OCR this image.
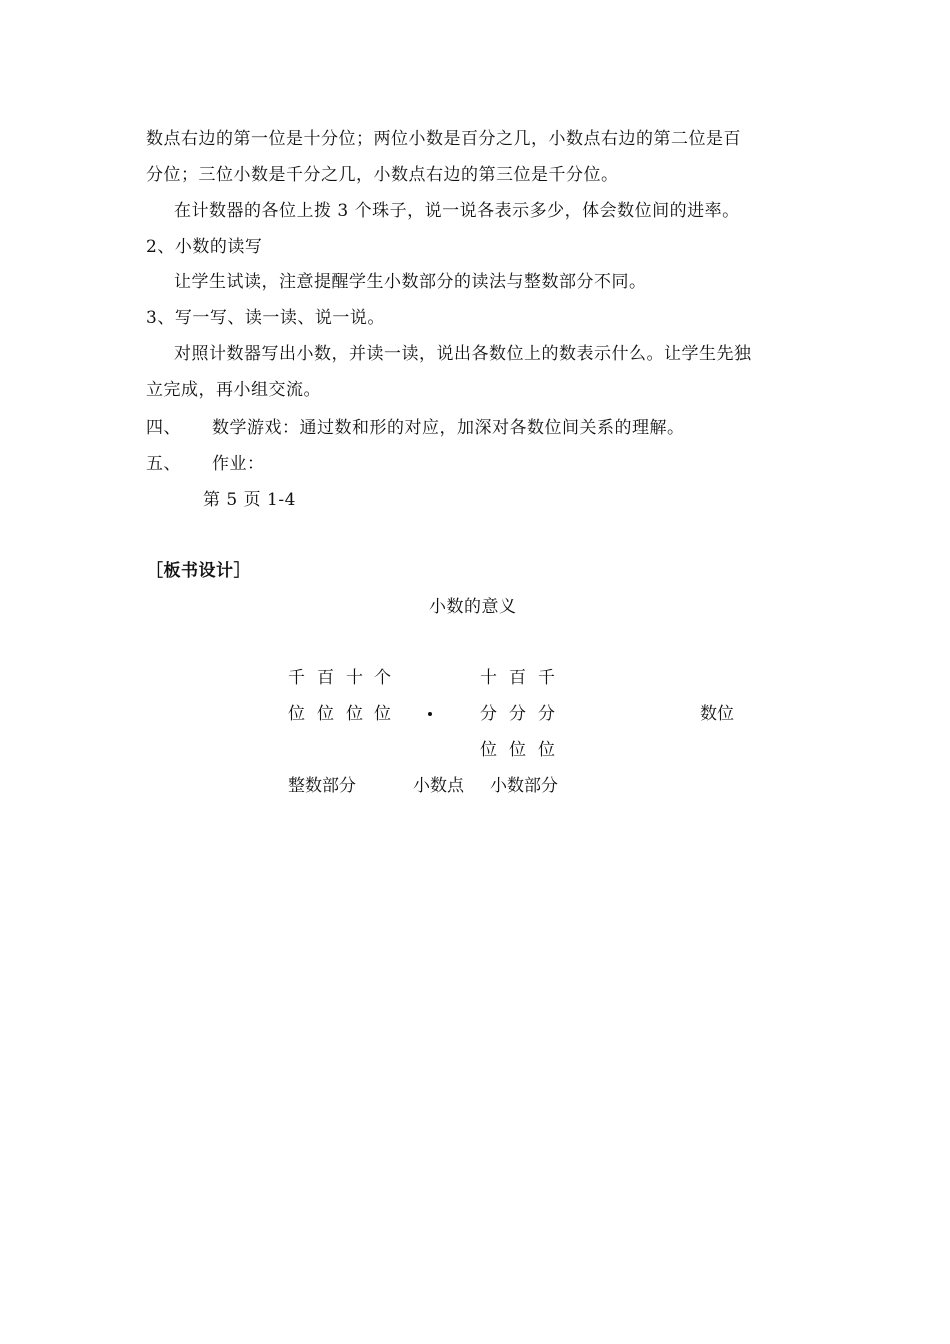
数点右边的第一位是十分位；两位小数是百分之几，小数点右边的第二位是百
分位；三位小数是千分之几，小数点右边的第三位是千分位。
在计数器的各位上拨 3 个珠子，说一说各表示多少，体会数位间的进率。
2、小数的读写
让学生试读，注意提醒学生小数部分的读法与整数部分不同。
3、写一写、读一读、说一说。
对照计数器写出小数，并读一读，说出各数位上的数表示什么。让学生先独
立完成，再小组交流。
四、 数学游戏：通过数和形的对应，加深对各数位间关系的理解。
五、 作业：
第 5 页 1-4
［板书设计］
小数的意义
千 百 十 个
位 位 位 位
十 百 千
分 分 分
位 位 位
数位
整数部分	小数点 小数部分
